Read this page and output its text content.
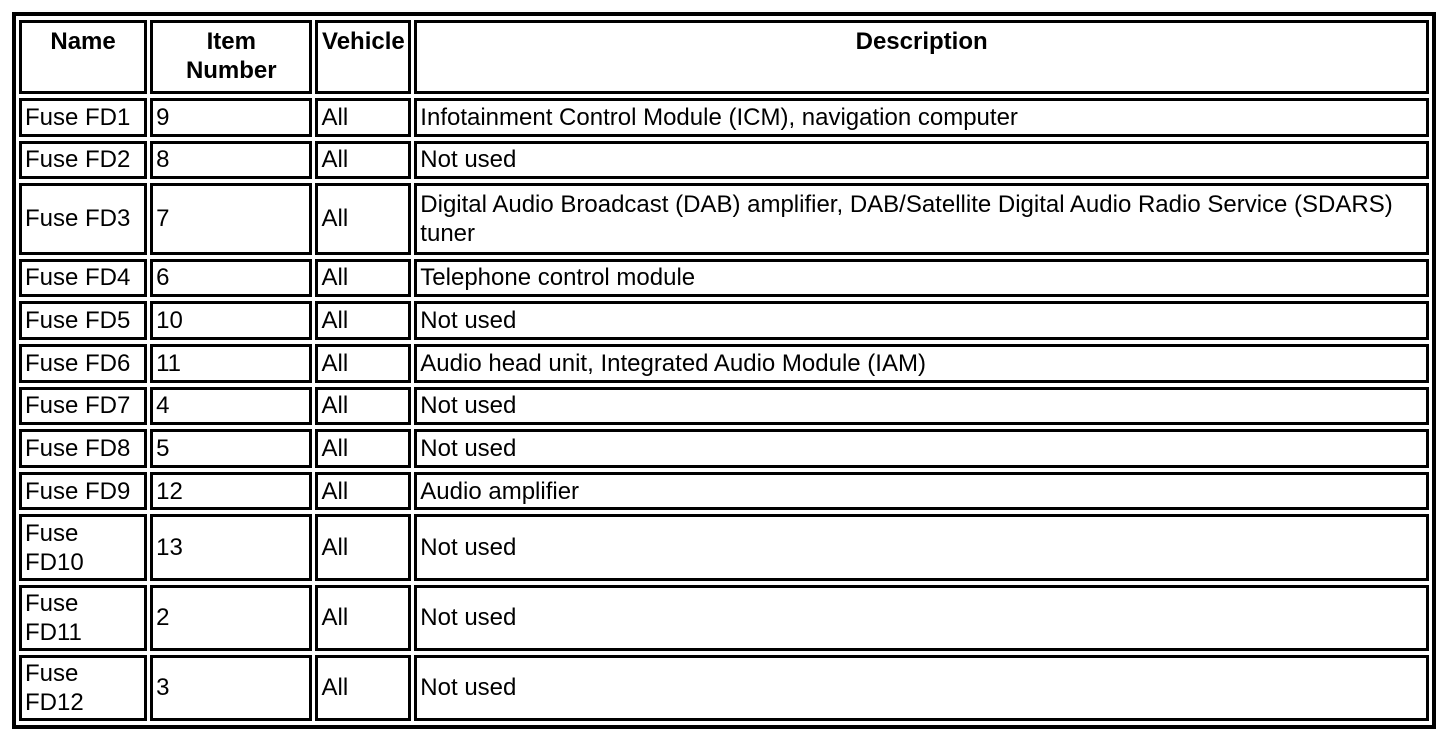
Name	Item Number	Vehicle	Description
Fuse FD1	9	All	Infotainment Control Module (ICM), navigation computer
Fuse FD2	8	All	Not used
Fuse FD3	7	All	Digital Audio Broadcast (DAB) amplifier, DAB/Satellite Digital Audio Radio Service (SDARS) tuner
Fuse FD4	6	All	Telephone control module
Fuse FD5	10	All	Not used
Fuse FD6	11	All	Audio head unit, Integrated Audio Module (IAM)
Fuse FD7	4	All	Not used
Fuse FD8	5	All	Not used
Fuse FD9	12	All	Audio amplifier
Fuse FD10	13	All	Not used
Fuse FD11	2	All	Not used
Fuse FD12	3	All	Not used
